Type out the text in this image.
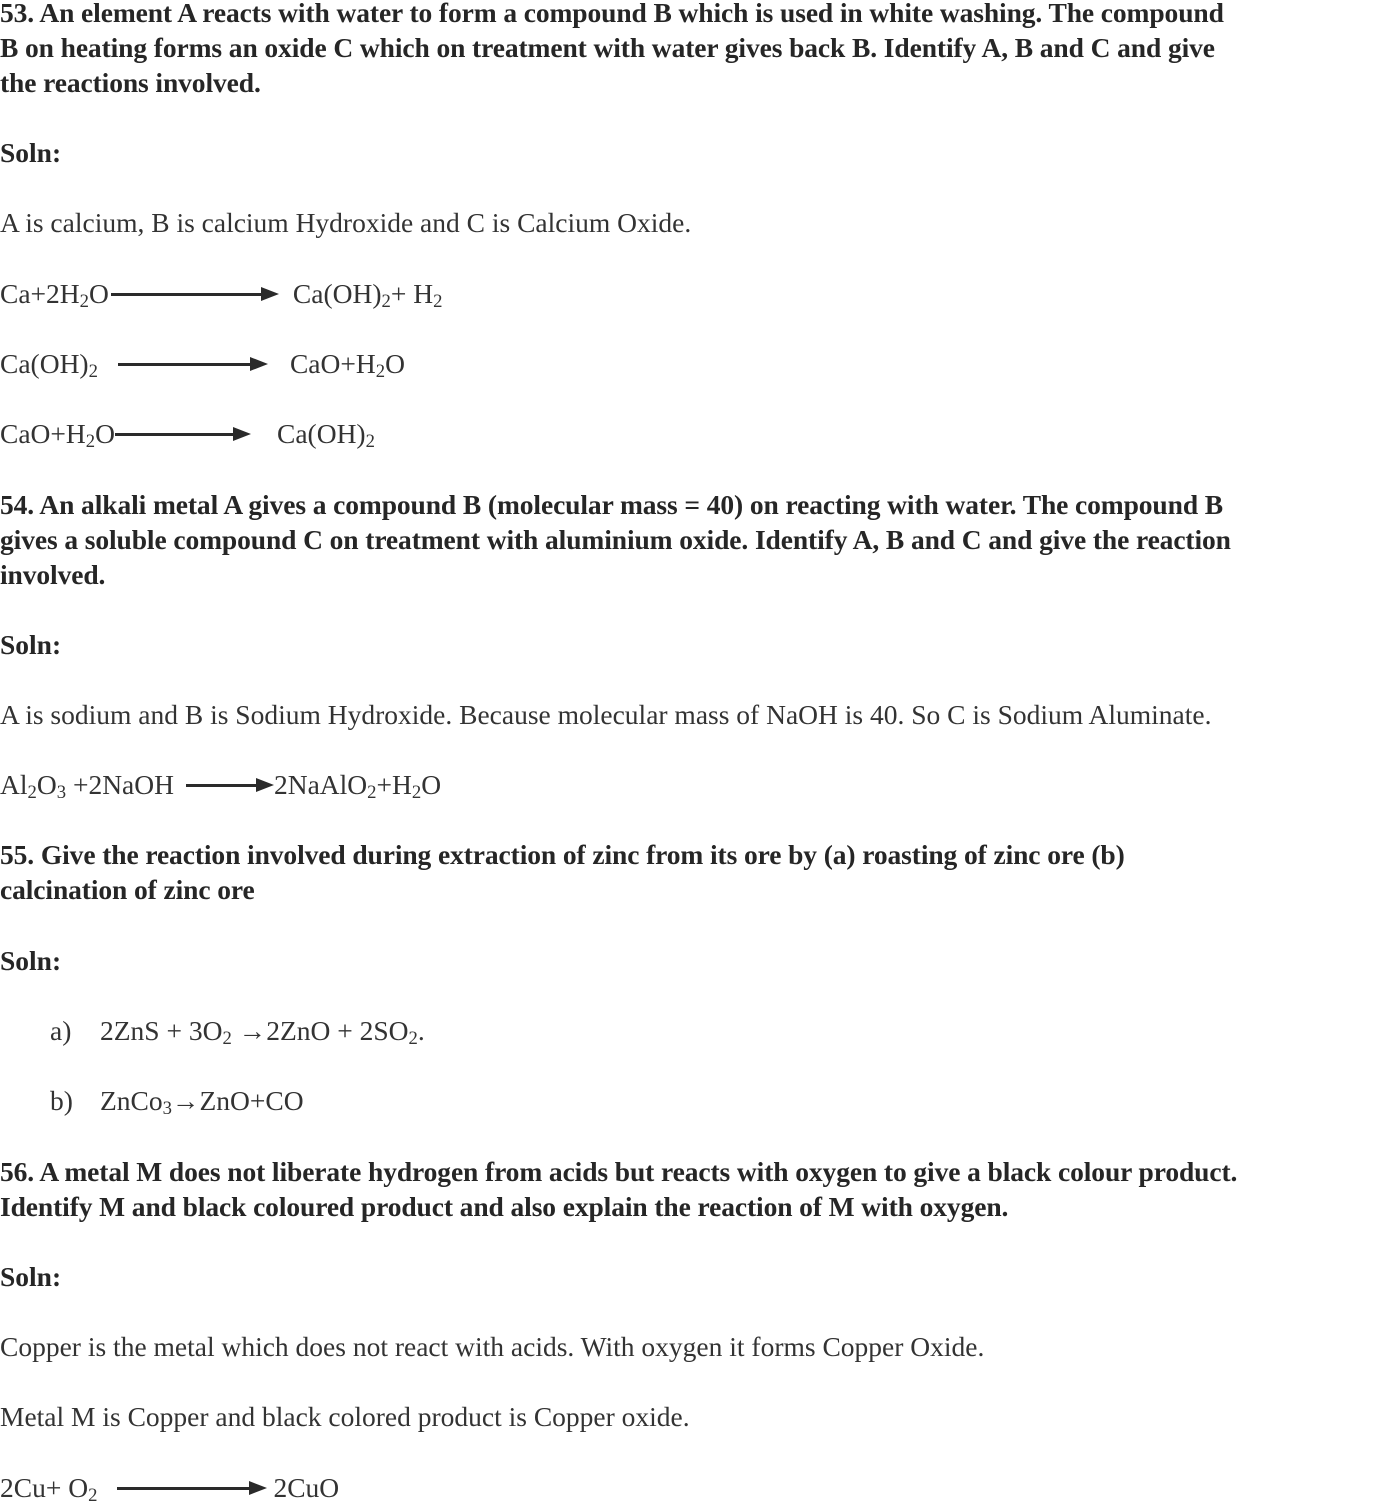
53. An element A reacts with water to form a compound B which is used in white washing. The compound
B on heating forms an oxide C which on treatment with water gives back B. Identify A, B and C and give
the reactions involved.
Soln:
A is calcium, B is calcium Hydroxide and C is Calcium Oxide.
$Ca+2H_2O$	$Ca(OH)_2+ H_2$
$Ca(OH)_2$	$CaO+H_2O$
$CaO+H_2O$	$Ca(OH)_2$
54. An alkali metal A gives a compound B (molecular mass = 40) on reacting with water. The compound B
gives a soluble compound C on treatment with aluminium oxide. Identify A, B and C and give the reaction
involved.
Soln:
A is sodium and B is Sodium Hydroxide. Because molecular mass of NaOH is 40. So C is Sodium Aluminate.
$Al_2O_3$ +2NaOH	$2NaAlO_2+H_2O$
55. Give the reaction involved during extraction of zinc from its ore by (a) roasting of zinc ore (b)
calcination of zinc ore
Soln:
a) $2ZnS + 3O_2 \to 2ZnO + 2SO_2$.
b) ZnCo$_3$→ZnO+CO
56. A metal M does not liberate hydrogen from acids but reacts with oxygen to give a black colour product.
Identify M and black coloured product and also explain the reaction of M with oxygen.
Soln:
Copper is the metal which does not react with acids. With oxygen it forms Copper Oxide.
Metal M is Copper and black colored product is Copper oxide.
$2Cu+ O_2$	2CuO
